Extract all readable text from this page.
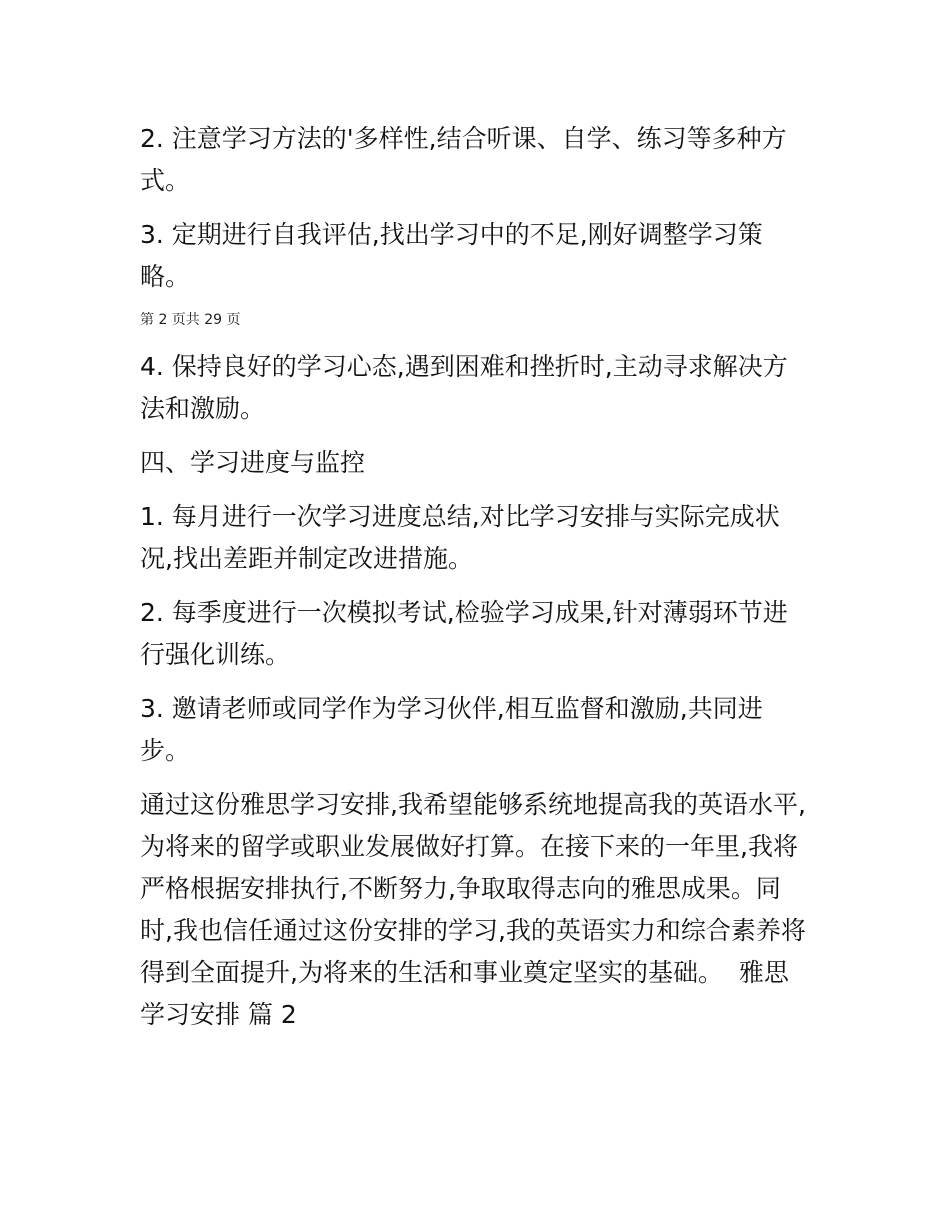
2. 注意学习方法的'多样性,结合听课、自学、练习等多种方式。

3. 定期进行自我评估,找出学习中的不足,刚好调整学习策略。

第 2 页共 29 页

4. 保持良好的学习心态,遇到困难和挫折时,主动寻求解决方法和激励。

四、学习进度与监控

1. 每月进行一次学习进度总结,对比学习安排与实际完成状况,找出差距并制定改进措施。

2. 每季度进行一次模拟考试,检验学习成果,针对薄弱环节进行强化训练。

3. 邀请老师或同学作为学习伙伴,相互监督和激励,共同进步。

通过这份雅思学习安排,我希望能够系统地提高我的英语水平,为将来的留学或职业发展做好打算。在接下来的一年里,我将严格根据安排执行,不断努力,争取取得志向的雅思成果。同时,我也信任通过这份安排的学习,我的英语实力和综合素养将得到全面提升,为将来的生活和事业奠定坚实的基础。  雅思学习安排 篇 2
